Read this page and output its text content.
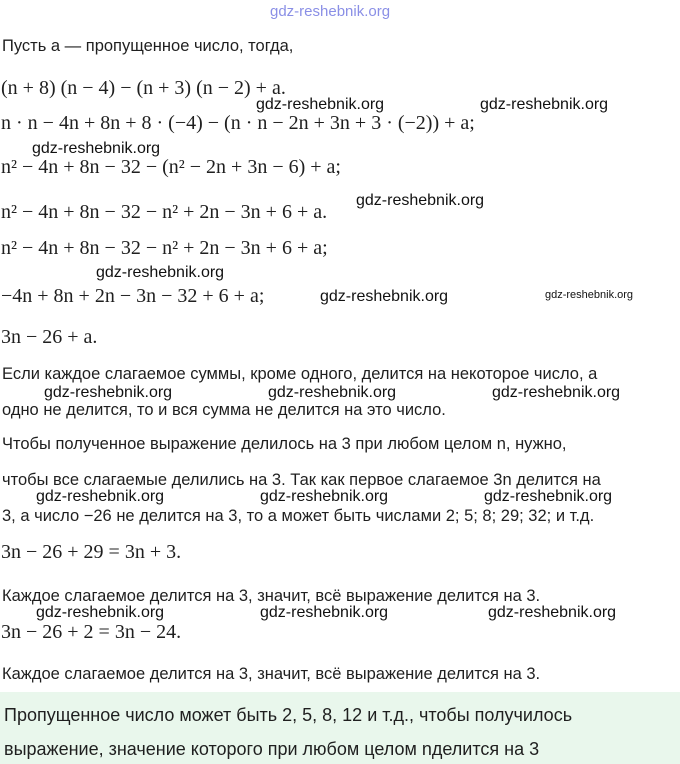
gdz-reshebnik.org
Пусть a — пропущенное число, тогда,
(n + 8) (n − 4) − (n + 3) (n − 2) + a.
gdz-reshebnik.org	gdz-reshebnik.org
n · n − 4n + 8n + 8 · (−4) − (n · n − 2n + 3n + 3 · (−2)) + a;
gdz-reshebnik.org
n² − 4n + 8n − 32 − (n² − 2n + 3n − 6) + a;
gdz-reshebnik.org
n² − 4n + 8n − 32 − n² + 2n − 3n + 6 + a.
n² − 4n + 8n − 32 − n² + 2n − 3n + 6 + a;
gdz-reshebnik.org
−4n + 8n + 2n − 3n − 32 + 6 + a;	gdz-reshebnik.org	gdz-reshebnik.org
3n − 26 + a.
Если каждое слагаемое суммы, кроме одного, делится на некоторое число, а
gdz-reshebnik.org	gdz-reshebnik.org	gdz-reshebnik.org
одно не делится, то и вся сумма не делится на это число.
Чтобы полученное выражение делилось на 3 при любом целом n, нужно,
чтобы все слагаемые делились на 3. Так как первое слагаемое 3n делится на
gdz-reshebnik.org	gdz-reshebnik.org	gdz-reshebnik.org
3, а число −26 не делится на 3, то a может быть числами 2; 5; 8; 29; 32; и т.д.
3n − 26 + 29 = 3n + 3.
Каждое слагаемое делится на 3, значит, всё выражение делится на 3.
gdz-reshebnik.org	gdz-reshebnik.org	gdz-reshebnik.org
3n − 26 + 2 = 3n − 24.
Каждое слагаемое делится на 3, значит, всё выражение делится на 3.
Пропущенное число может быть 2, 5, 8, 12 и т.д., чтобы получилось
выражение, значение которого при любом целом nделится на 3
